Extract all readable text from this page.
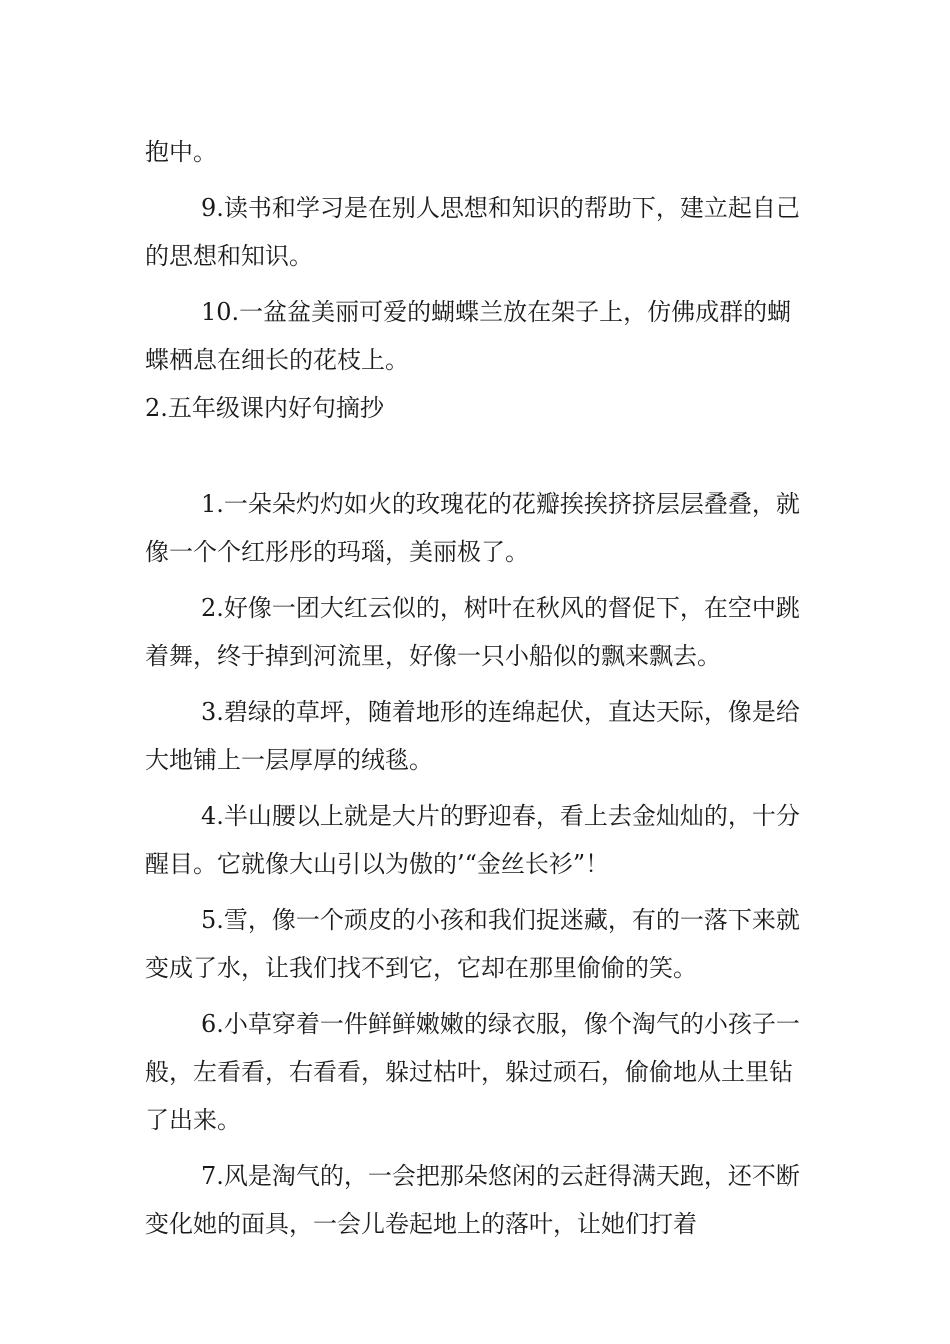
抱中。

9.读书和学习是在别人思想和知识的帮助下，建立起自己的思想和知识。

10.一盆盆美丽可爱的蝴蝶兰放在架子上，仿佛成群的蝴蝶栖息在细长的花枝上。

2.五年级课内好句摘抄

1.一朵朵灼灼如火的玫瑰花的花瓣挨挨挤挤层层叠叠，就像一个个红彤彤的玛瑙，美丽极了。

2.好像一团大红云似的，树叶在秋风的督促下，在空中跳着舞，终于掉到河流里，好像一只小船似的飘来飘去。

3.碧绿的草坪，随着地形的连绵起伏，直达天际，像是给大地铺上一层厚厚的绒毯。

4.半山腰以上就是大片的野迎春，看上去金灿灿的，十分醒目。它就像大山引以为傲的’“金丝长衫”！

5.雪，像一个顽皮的小孩和我们捉迷藏，有的一落下来就变成了水，让我们找不到它，它却在那里偷偷的笑。

6.小草穿着一件鲜鲜嫩嫩的绿衣服，像个淘气的小孩子一般，左看看，右看看，躲过枯叶，躲过顽石，偷偷地从土里钻了出来。

7.风是淘气的，一会把那朵悠闲的云赶得满天跑，还不断变化她的面具，一会儿卷起地上的落叶，让她们打着
